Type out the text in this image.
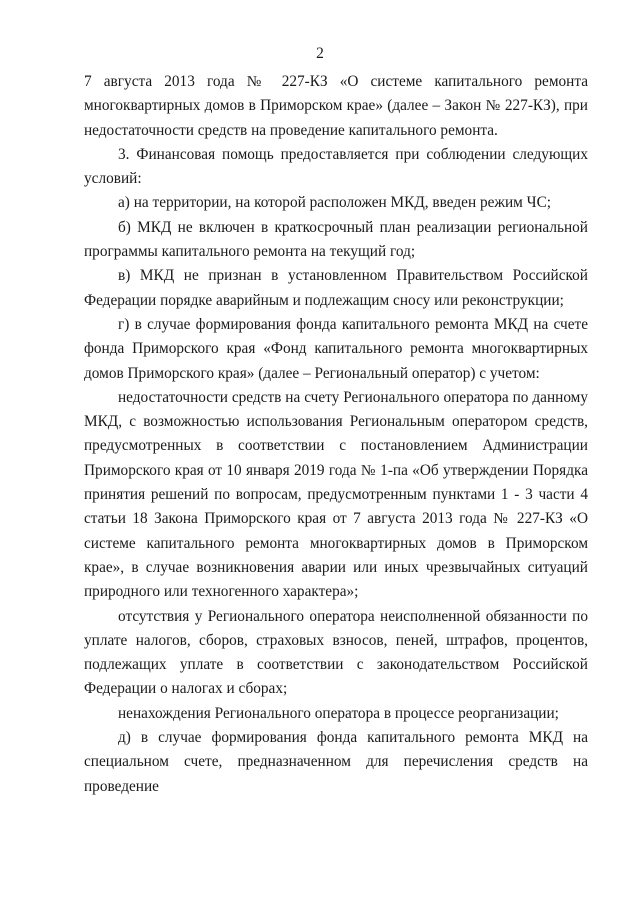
2

7 августа 2013 года № 227-КЗ «О системе капитального ремонта многоквартирных домов в Приморском крае» (далее – Закон № 227-КЗ), при недостаточности средств на проведение капитального ремонта.

3. Финансовая помощь предоставляется при соблюдении следующих условий:

а) на территории, на которой расположен МКД, введен режим ЧС;

б) МКД не включен в краткосрочный план реализации региональной программы капитального ремонта на текущий год;

в) МКД не признан в установленном Правительством Российской Федерации порядке аварийным и подлежащим сносу или реконструкции;

г) в случае формирования фонда капитального ремонта МКД на счете фонда Приморского края «Фонд капитального ремонта многоквартирных домов Приморского края» (далее – Региональный оператор) с учетом:

недостаточности средств на счету Регионального оператора по данному МКД, с возможностью использования Региональным оператором средств, предусмотренных в соответствии с постановлением Администрации Приморского края от 10 января 2019 года № 1-па «Об утверждении Порядка принятия решений по вопросам, предусмотренным пунктами 1 - 3 части 4 статьи 18 Закона Приморского края от 7 августа 2013 года № 227-КЗ «О системе капитального ремонта многоквартирных домов в Приморском крае», в случае возникновения аварии или иных чрезвычайных ситуаций природного или техногенного характера»;

отсутствия у Регионального оператора неисполненной обязанности по уплате налогов, сборов, страховых взносов, пеней, штрафов, процентов, подлежащих уплате в соответствии с законодательством Российской Федерации о налогах и сборах;

ненахождения Регионального оператора в процессе реорганизации;

д) в случае формирования фонда капитального ремонта МКД на специальном счете, предназначенном для перечисления средств на проведение
